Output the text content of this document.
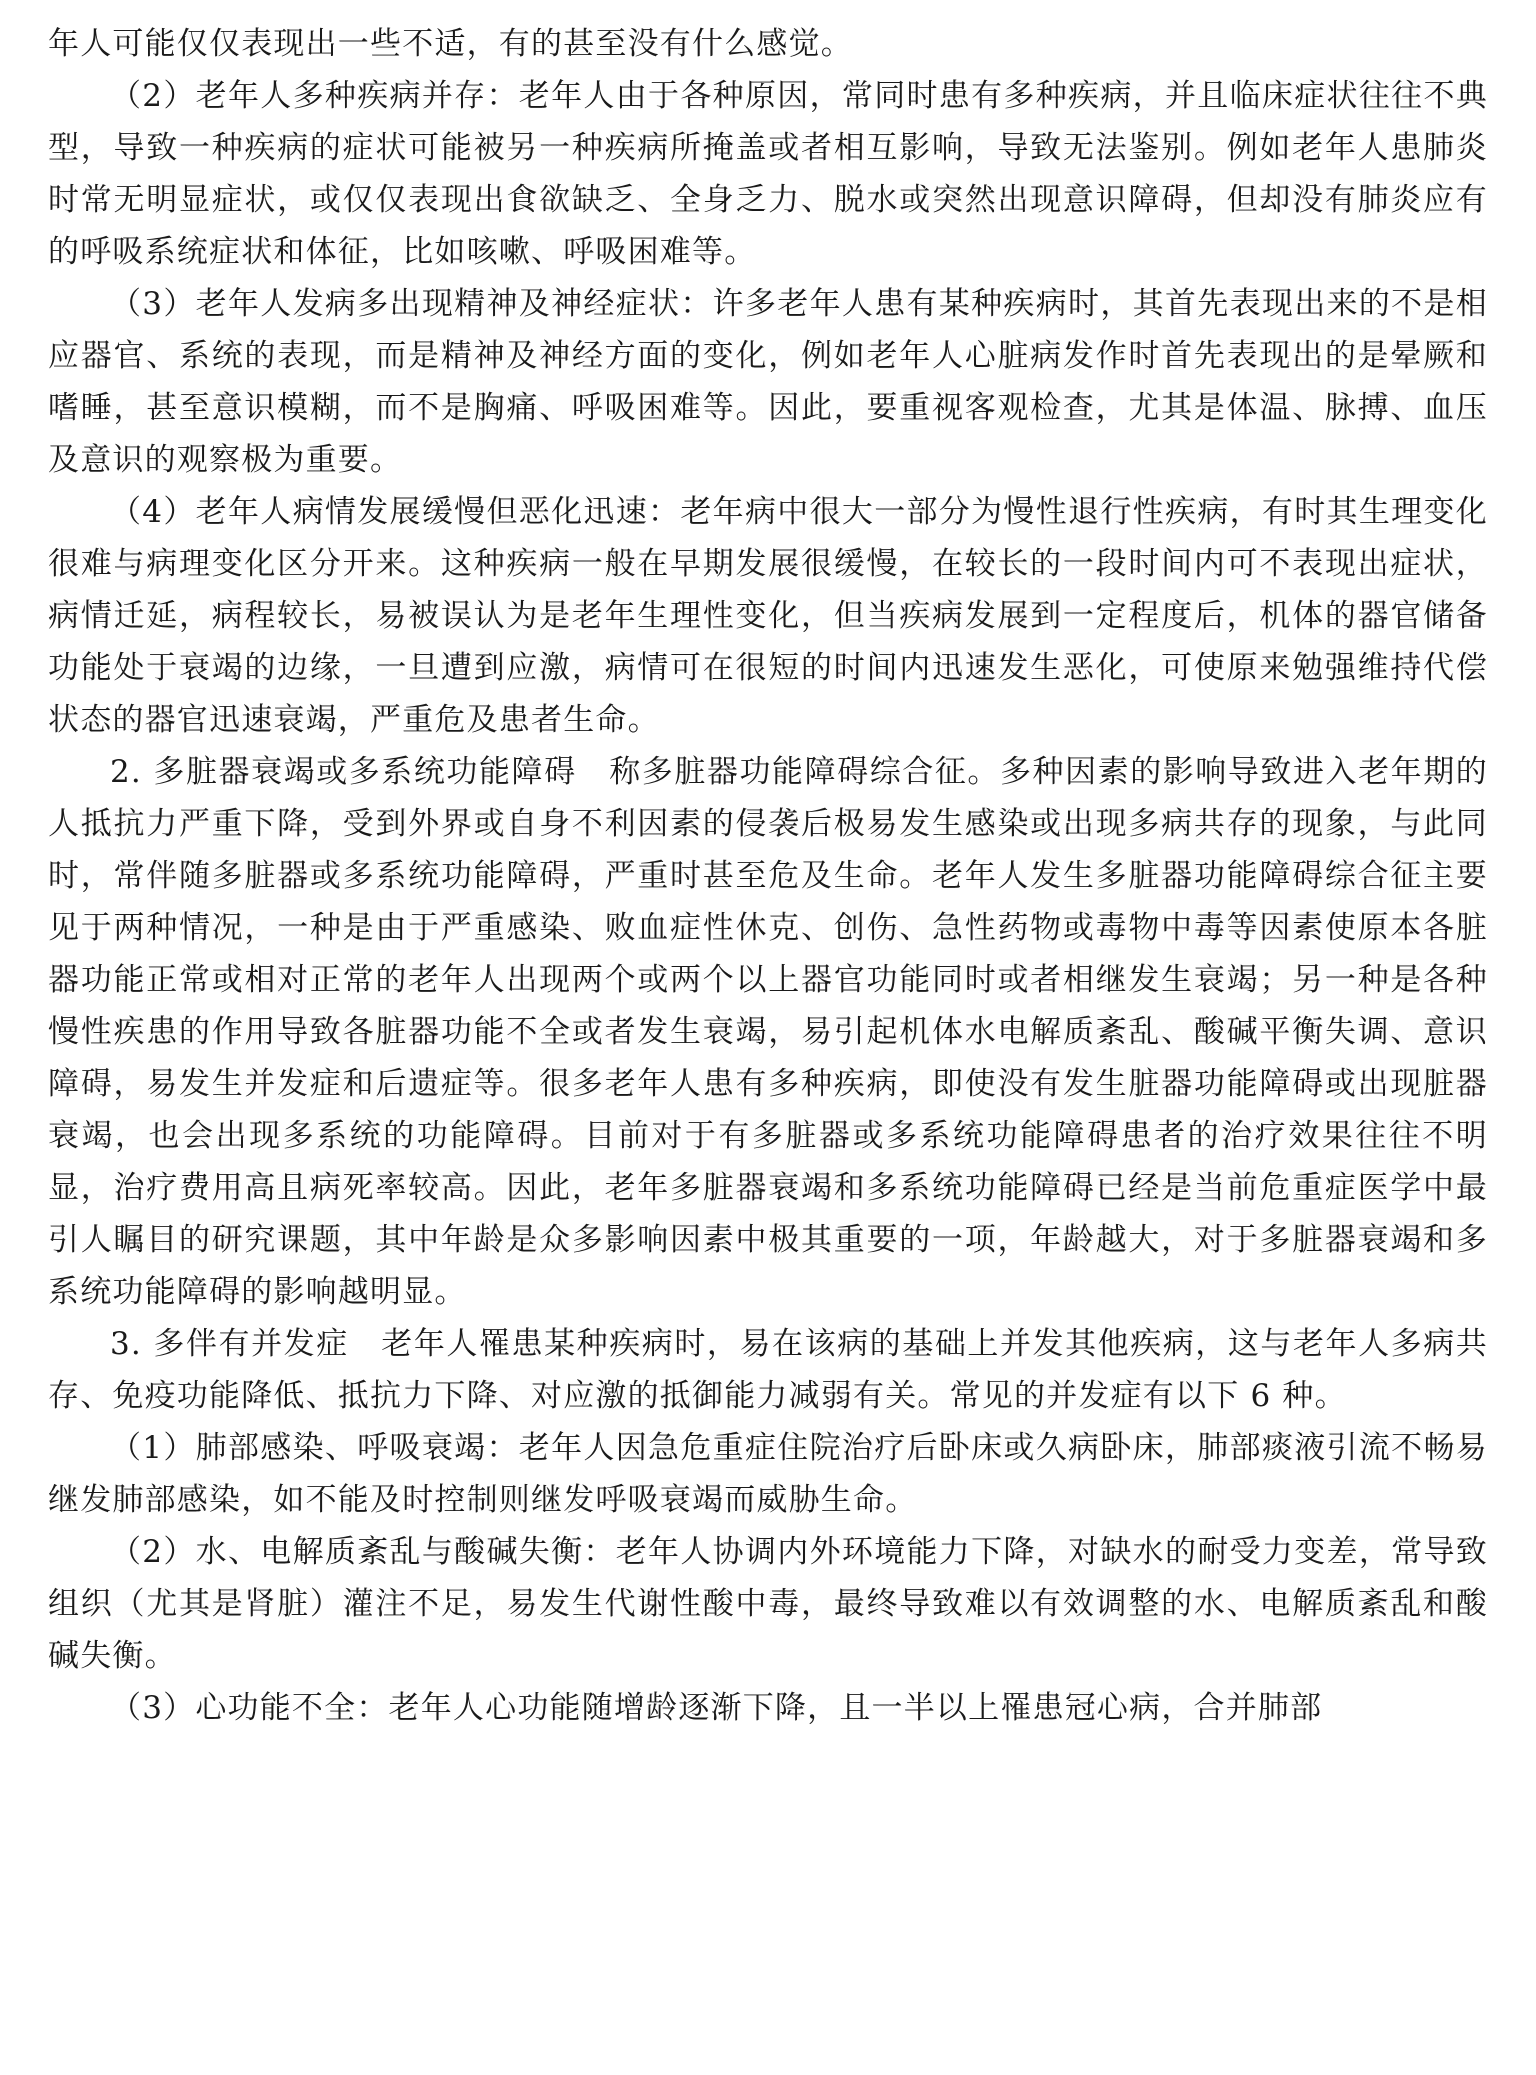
年人可能仅仅表现出一些不适，有的甚至没有什么感觉。

（2）老年人多种疾病并存：老年人由于各种原因，常同时患有多种疾病，并且临床症状往往不典型，导致一种疾病的症状可能被另一种疾病所掩盖或者相互影响，导致无法鉴别。例如老年人患肺炎时常无明显症状，或仅仅表现出食欲缺乏、全身乏力、脱水或突然出现意识障碍，但却没有肺炎应有的呼吸系统症状和体征，比如咳嗽、呼吸困难等。

（3）老年人发病多出现精神及神经症状：许多老年人患有某种疾病时，其首先表现出来的不是相应器官、系统的表现，而是精神及神经方面的变化，例如老年人心脏病发作时首先表现出的是晕厥和嗜睡，甚至意识模糊，而不是胸痛、呼吸困难等。因此，要重视客观检查，尤其是体温、脉搏、血压及意识的观察极为重要。

（4）老年人病情发展缓慢但恶化迅速：老年病中很大一部分为慢性退行性疾病，有时其生理变化很难与病理变化区分开来。这种疾病一般在早期发展很缓慢，在较长的一段时间内可不表现出症状，病情迁延，病程较长，易被误认为是老年生理性变化，但当疾病发展到一定程度后，机体的器官储备功能处于衰竭的边缘，一旦遭到应激，病情可在很短的时间内迅速发生恶化，可使原来勉强维持代偿状态的器官迅速衰竭，严重危及患者生命。

2. 多脏器衰竭或多系统功能障碍　称多脏器功能障碍综合征。多种因素的影响导致进入老年期的人抵抗力严重下降，受到外界或自身不利因素的侵袭后极易发生感染或出现多病共存的现象，与此同时，常伴随多脏器或多系统功能障碍，严重时甚至危及生命。老年人发生多脏器功能障碍综合征主要见于两种情况，一种是由于严重感染、败血症性休克、创伤、急性药物或毒物中毒等因素使原本各脏器功能正常或相对正常的老年人出现两个或两个以上器官功能同时或者相继发生衰竭；另一种是各种慢性疾患的作用导致各脏器功能不全或者发生衰竭，易引起机体水电解质紊乱、酸碱平衡失调、意识障碍，易发生并发症和后遗症等。很多老年人患有多种疾病，即使没有发生脏器功能障碍或出现脏器衰竭，也会出现多系统的功能障碍。目前对于有多脏器或多系统功能障碍患者的治疗效果往往不明显，治疗费用高且病死率较高。因此，老年多脏器衰竭和多系统功能障碍已经是当前危重症医学中最引人瞩目的研究课题，其中年龄是众多影响因素中极其重要的一项，年龄越大，对于多脏器衰竭和多系统功能障碍的影响越明显。

3. 多伴有并发症　老年人罹患某种疾病时，易在该病的基础上并发其他疾病，这与老年人多病共存、免疫功能降低、抵抗力下降、对应激的抵御能力减弱有关。常见的并发症有以下 6 种。

（1）肺部感染、呼吸衰竭：老年人因急危重症住院治疗后卧床或久病卧床，肺部痰液引流不畅易继发肺部感染，如不能及时控制则继发呼吸衰竭而威胁生命。

（2）水、电解质紊乱与酸碱失衡：老年人协调内外环境能力下降，对缺水的耐受力变差，常导致组织（尤其是肾脏）灌注不足，易发生代谢性酸中毒，最终导致难以有效调整的水、电解质紊乱和酸碱失衡。

（3）心功能不全：老年人心功能随增龄逐渐下降，且一半以上罹患冠心病，合并肺部
